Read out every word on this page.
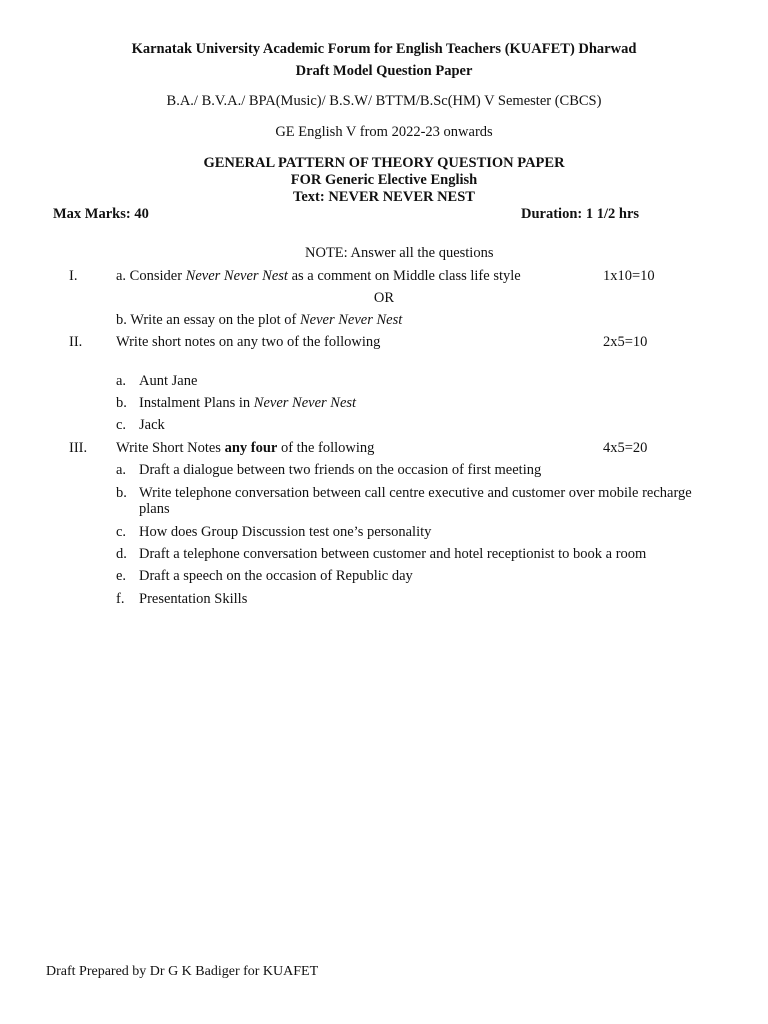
Karnatak University Academic Forum for English Teachers (KUAFET) Dharwad
Draft Model Question Paper
B.A./ B.V.A./ BPA(Music)/ B.S.W/ BTTM/B.Sc(HM) V Semester (CBCS)
GE English V from 2022-23 onwards
GENERAL PATTERN OF THEORY QUESTION PAPER
FOR Generic Elective English
Text: NEVER NEVER NEST
Max Marks: 40	Duration: 1 1/2 hrs
NOTE: Answer all the questions
I.	a. Consider Never Never Nest as a comment on Middle class life style	1x10=10
OR
b. Write an essay on the plot of Never Never Nest
II. Write short notes on any two of the following	2x5=10
a. Aunt Jane
b. Instalment Plans in Never Never Nest
c. Jack
III. Write Short Notes any four of the following	4x5=20
a. Draft a dialogue between two friends on the occasion of first meeting
b. Write telephone conversation between call centre executive and customer over mobile recharge plans
c. How does Group Discussion test one’s personality
d. Draft a telephone conversation between customer and hotel receptionist to book a room
e. Draft a speech on the occasion of Republic day
f. Presentation Skills
Draft Prepared by Dr G K Badiger for KUAFET
